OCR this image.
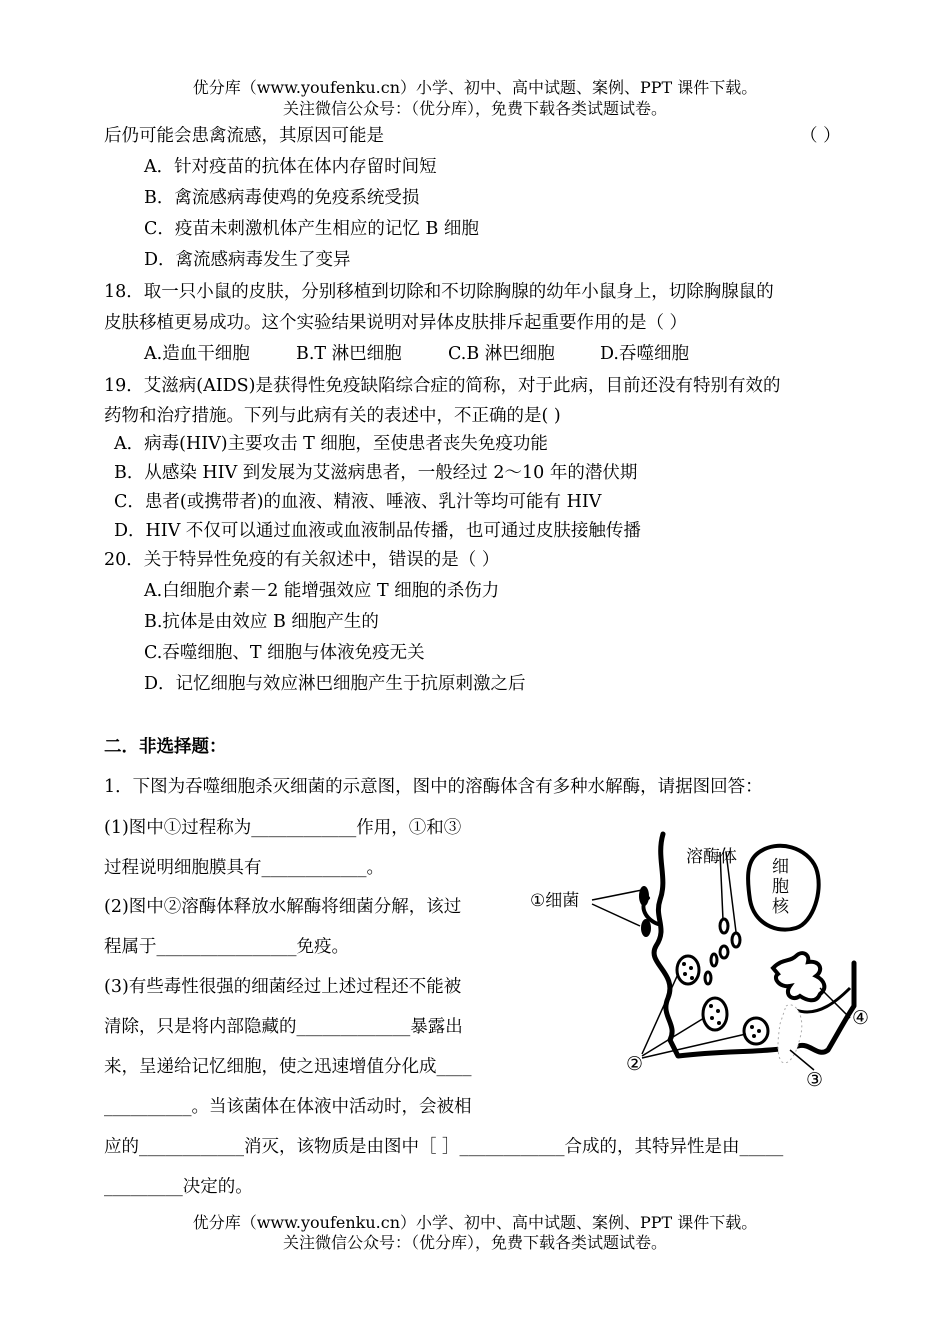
优分库（www.youfenku.cn）小学、初中、高中试题、案例、PPT 课件下载。
关注微信公众号：（优分库），免费下载各类试题试卷。
后仍可能会患禽流感，其原因可能是	（ ）
A．针对疫苗的抗体在体内存留时间短
B．禽流感病毒使鸡的免疫系统受损
C．疫苗未刺激机体产生相应的记忆 B 细胞
D．禽流感病毒发生了变异
18．取一只小鼠的皮肤，分别移植到切除和不切除胸腺的幼年小鼠身上，切除胸腺鼠的
皮肤移植更易成功。这个实验结果说明对异体皮肤排斥起重要作用的是（ ）
A.造血干细胞	B.T 淋巴细胞	C.B 淋巴细胞	D.吞噬细胞
19．艾滋病(AIDS)是获得性免疫缺陷综合症的简称，对于此病，目前还没有特别有效的
药物和治疗措施。下列与此病有关的表述中，不正确的是( )
A．病毒(HIV)主要攻击 T 细胞，至使患者丧失免疫功能
B．从感染 HIV 到发展为艾滋病患者，一般经过 2～10 年的潜伏期
C．患者(或携带者)的血液、精液、唾液、乳汁等均可能有 HIV
D．HIV 不仅可以通过血液或血液制品传播，也可通过皮肤接触传播
20．关于特异性免疫的有关叙述中，错误的是（ ）
A.白细胞介素－2 能增强效应 T 细胞的杀伤力
B.抗体是由效应 B 细胞产生的
C.吞噬细胞、T 细胞与体液免疫无关
D．记忆细胞与效应淋巴细胞产生于抗原刺激之后
二．非选择题：
1．下图为吞噬细胞杀灭细菌的示意图，图中的溶酶体含有多种水解酶，请据图回答：
(1)图中①过程称为____________作用，①和③
过程说明细胞膜具有____________。
(2)图中②溶酶体释放水解酶将细菌分解，该过
程属于________________免疫。
(3)有些毒性很强的细菌经过上述过程还不能被
清除，只是将内部隐藏的_____________暴露出
来，呈递给记忆细胞，使之迅速增值分化成____
__________。当该菌体在体液中活动时，会被相
应的____________消灭，该物质是由图中［ ］____________合成的，其特异性是由_____
_________决定的。
溶酶体 细
胞
核
①细菌
②
③
④
优分库（www.youfenku.cn）小学、初中、高中试题、案例、PPT 课件下载。
关注微信公众号：（优分库），免费下载各类试题试卷。
